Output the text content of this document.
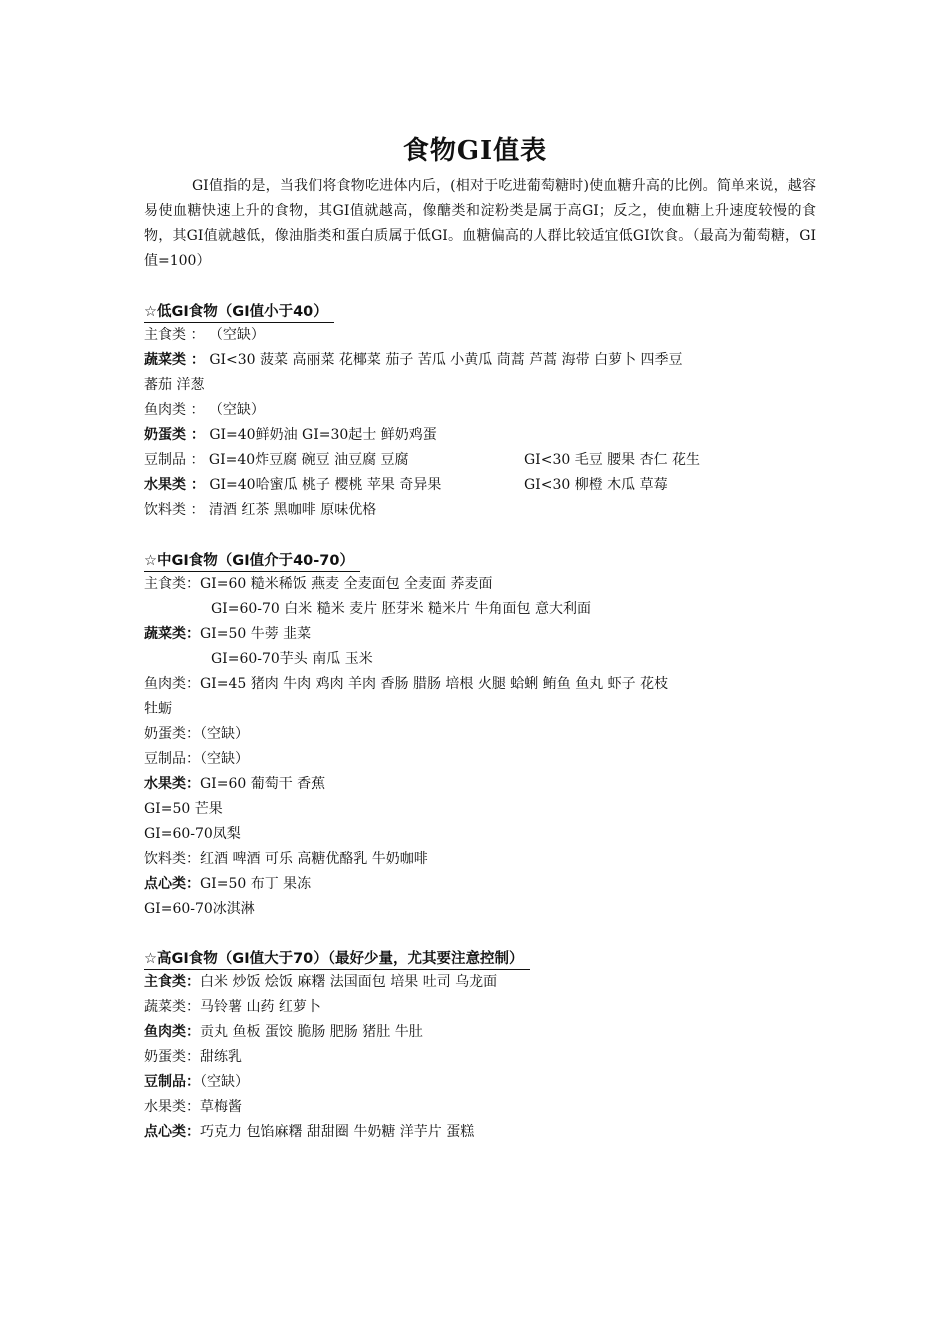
食物GI值表
GI值指的是，当我们将食物吃进体内后，(相对于吃进葡萄糖时)使血糖升高的比例。简单来说，越容易使血糖快速上升的食物，其GI值就越高，像醣类和淀粉类是属于高GI；反之，使血糖上升速度较慢的食物，其GI值就越低，像油脂类和蛋白质属于低GI。血糖偏高的人群比较适宜低GI饮食。（最高为葡萄糖，GI值=100）
☆低GI食物（GI值小于40）
主食类 ： （空缺）
蔬菜类 ： GI<30 菠菜 高丽菜 花椰菜 茄子 苦瓜 小黄瓜 茼蒿 芦蒿 海带 白萝卜 四季豆
蕃茄 洋葱
鱼肉类 ： （空缺）
奶蛋类 ： GI=40鲜奶油 GI=30起士 鲜奶鸡蛋
豆制品 ： GI=40炸豆腐 碗豆 油豆腐 豆腐	GI<30 毛豆 腰果 杏仁 花生
水果类 ： GI=40哈蜜瓜 桃子 樱桃 苹果 奇异果	GI<30 柳橙 木瓜 草莓
饮料类 ： 清酒 红茶 黑咖啡 原味优格
☆中GI食物（GI值介于40-70）
主食类：GI=60 糙米稀饭 燕麦 全麦面包 全麦面 荞麦面
GI=60-70 白米 糙米 麦片 胚芽米 糙米片 牛角面包 意大利面
蔬菜类：GI=50 牛蒡 韭菜
GI=60-70芋头 南瓜 玉米
鱼肉类：GI=45 猪肉 牛肉 鸡肉 羊肉 香肠 腊肠 培根 火腿 蛤蜊 鲔鱼 鱼丸 虾子 花枝
牡蛎
奶蛋类：（空缺）
豆制品：（空缺）
水果类：GI=60 葡萄干 香蕉
GI=50 芒果
GI=60-70凤梨
饮料类：红酒 啤酒 可乐 高糖优酪乳 牛奶咖啡
点心类：GI=50 布丁 果冻
GI=60-70冰淇淋
☆高GI食物（GI值大于70）（最好少量，尤其要注意控制）
主食类：白米 炒饭 烩饭 麻糬 法国面包 培果 吐司 乌龙面
蔬菜类：马铃薯 山药 红萝卜
鱼肉类：贡丸 鱼板 蛋饺 脆肠 肥肠 猪肚 牛肚
奶蛋类：甜练乳
豆制品：（空缺）
水果类：草梅酱
点心类：巧克力 包馅麻糬 甜甜圈 牛奶糖 洋芋片 蛋糕
